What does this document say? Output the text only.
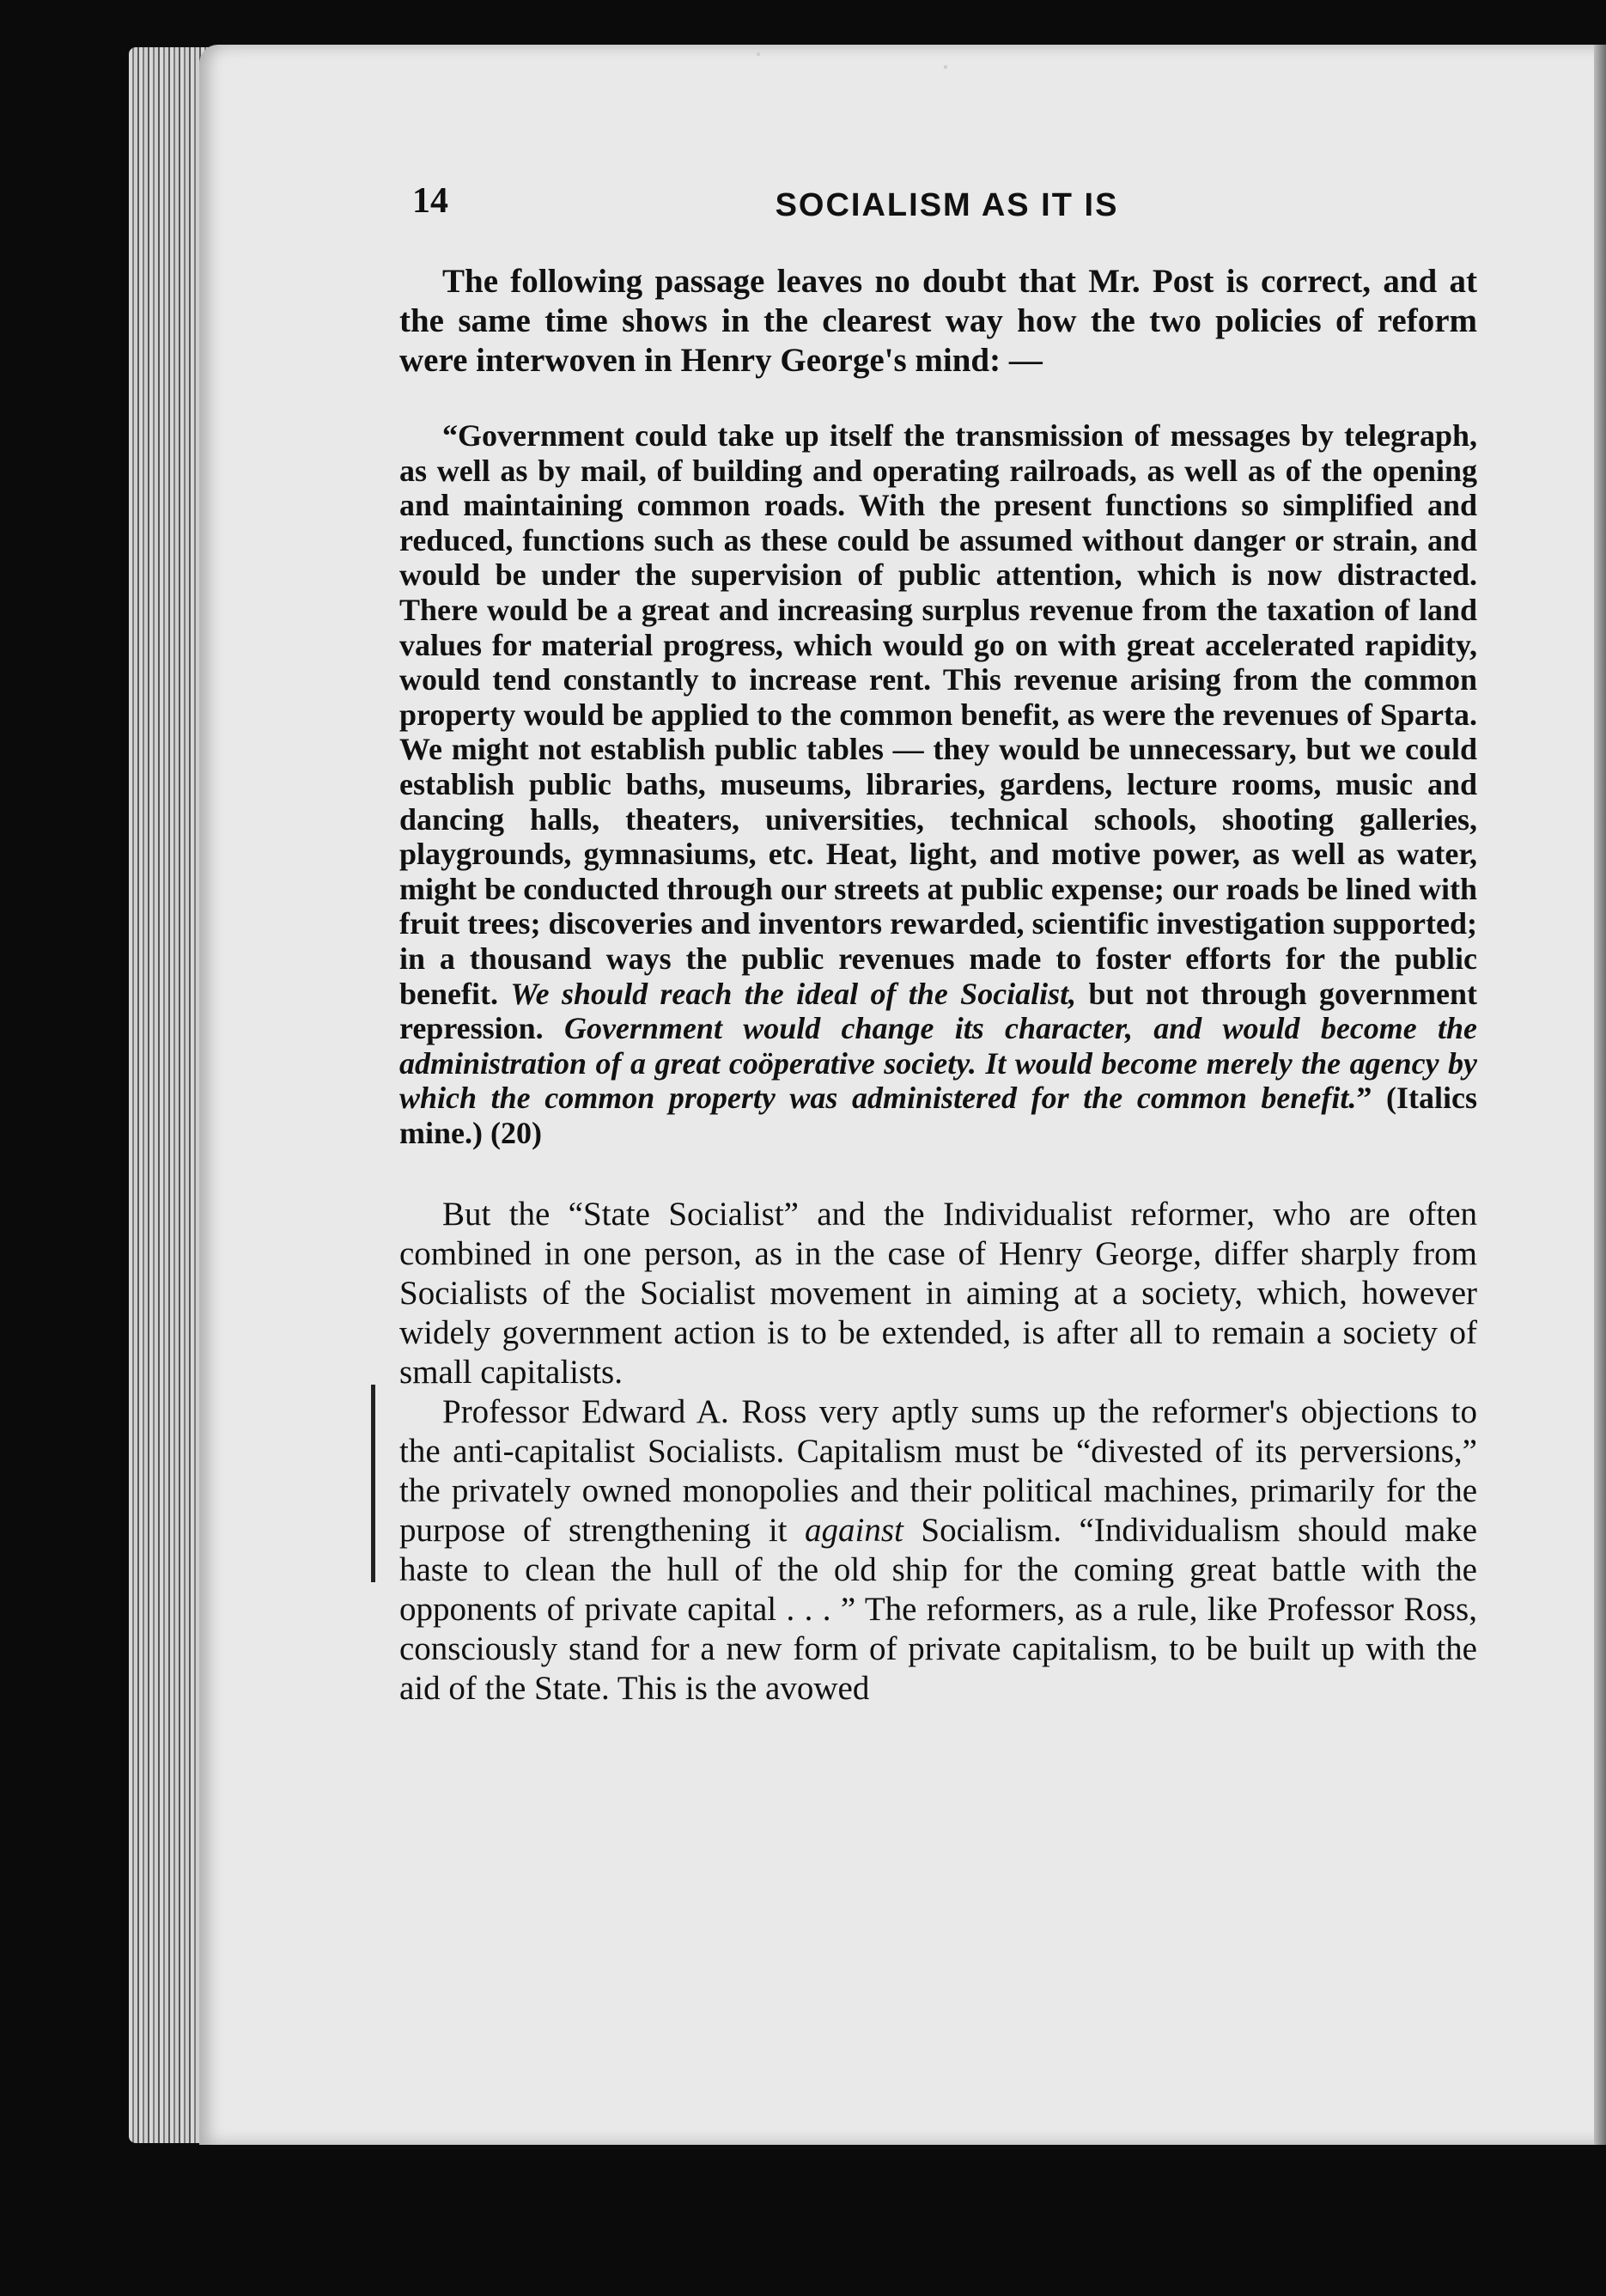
▪
▪
14	SOCIALISM AS IT IS

The following passage leaves no doubt that Mr. Post is correct, and at the same time shows in the clearest way how the two policies of reform were interwoven in Henry George's mind: —

“Government could take up itself the transmission of messages by telegraph, as well as by mail, of building and operating railroads, as well as of the opening and maintaining common roads. With the present functions so simplified and reduced, functions such as these could be assumed without danger or strain, and would be under the supervision of public attention, which is now distracted. There would be a great and increasing surplus revenue from the taxation of land values for material progress, which would go on with great accelerated rapidity, would tend constantly to increase rent. This revenue arising from the common property would be applied to the common benefit, as were the revenues of Sparta. We might not establish public tables — they would be unnecessary, but we could establish public baths, museums, libraries, gardens, lecture rooms, music and dancing halls, theaters, universities, technical schools, shooting galleries, playgrounds, gymnasiums, etc. Heat, light, and motive power, as well as water, might be conducted through our streets at public expense; our roads be lined with fruit trees; discoveries and inventors rewarded, scientific investigation supported; in a thousand ways the public revenues made to foster efforts for the public benefit. We should reach the ideal of the Socialist, but not through government repression. Government would change its character, and would become the administration of a great coöperative society. It would become merely the agency by which the common property was administered for the common benefit.” (Italics mine.) (20)

But the “State Socialist” and the Individualist reformer, who are often combined in one person, as in the case of Henry George, differ sharply from Socialists of the Socialist movement in aiming at a society, which, however widely government action is to be extended, is after all to remain a society of small capitalists.

Professor Edward A. Ross very aptly sums up the reformer's objections to the anti-capitalist Socialists. Capitalism must be “divested of its perversions,” the privately owned monopolies and their political machines, primarily for the purpose of strengthening it against Socialism. “Individualism should make haste to clean the hull of the old ship for the coming great battle with the opponents of private capital . . . ” The reformers, as a rule, like Professor Ross, consciously stand for a new form of private capitalism, to be built up with the aid of the State. This is the avowed
